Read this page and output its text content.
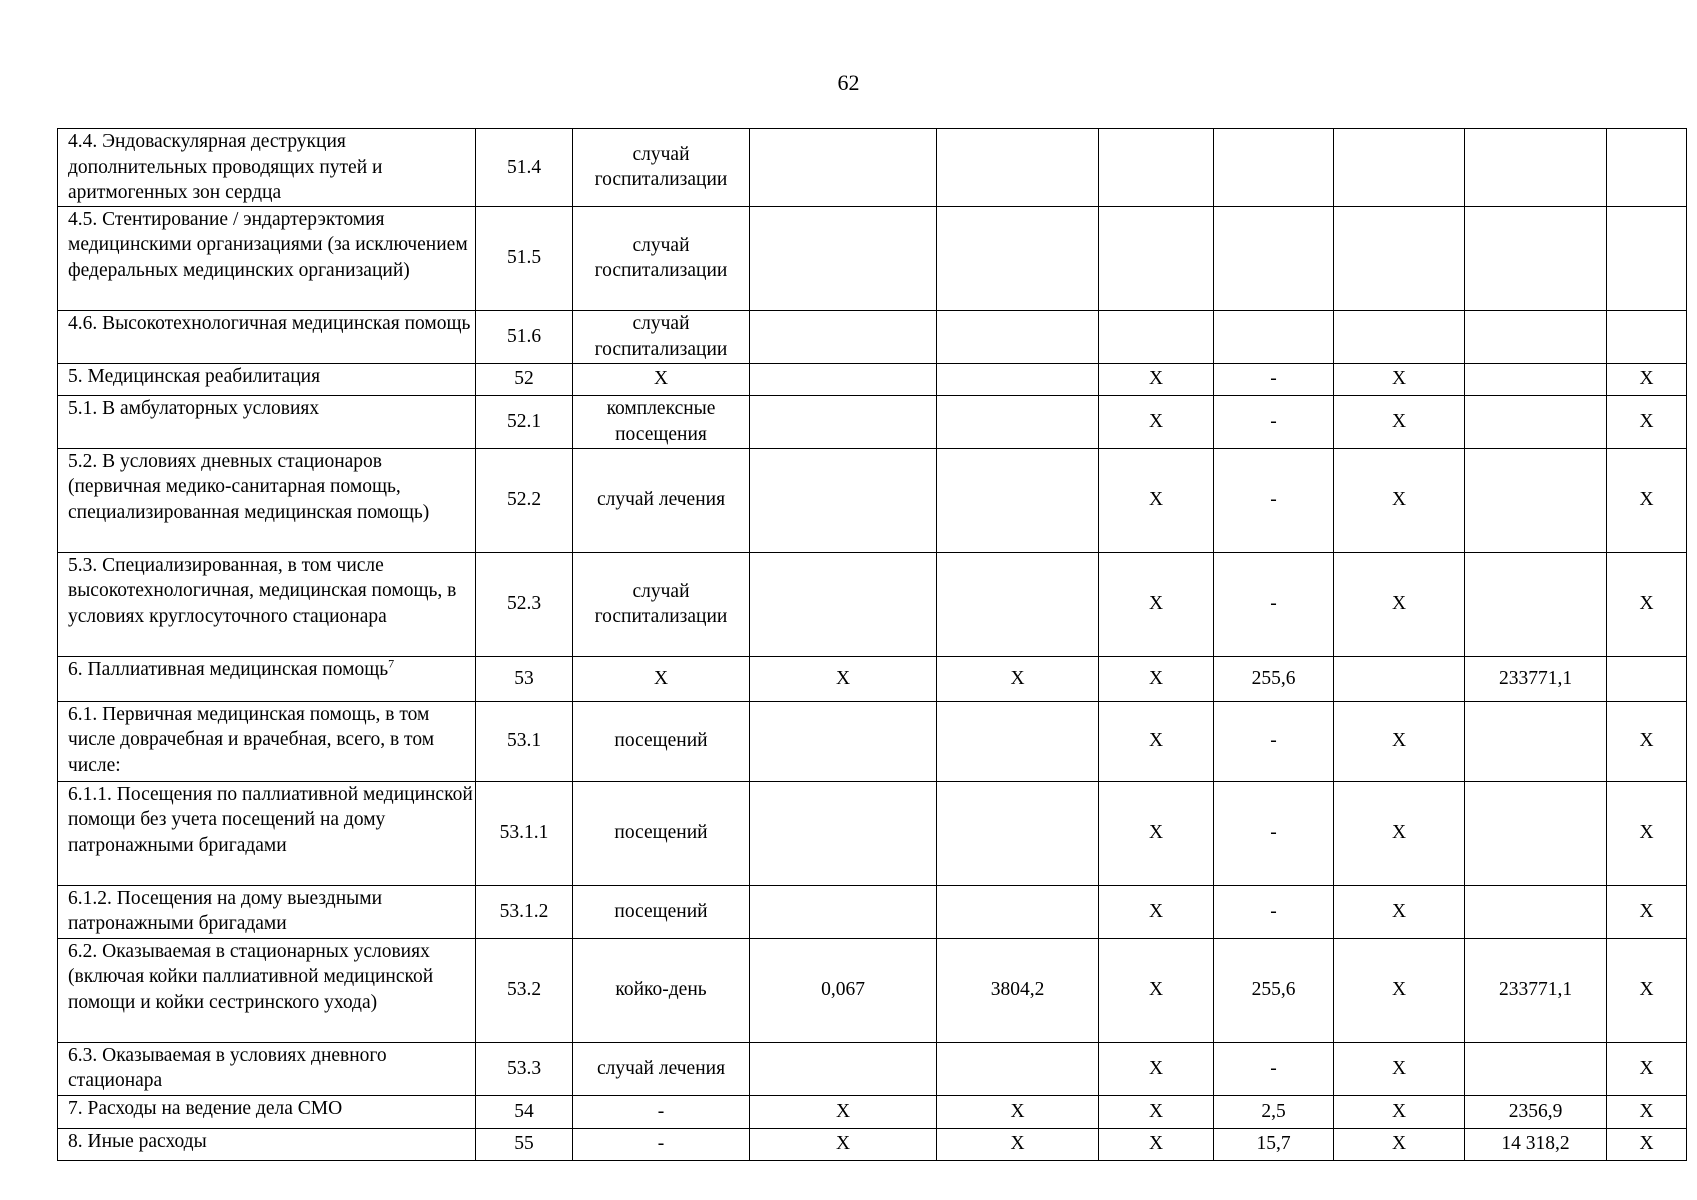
62
4.4. Эндоваскулярная деструкция дополнительных проводящих путей и аритмогенных зон сердца	51.4	случай госпитализации							
4.5. Стентирование / эндартерэктомия медицинскими организациями (за исключением федеральных медицинских организаций)	51.5	случай госпитализации							
4.6. Высокотехнологичная медицинская помощь	51.6	случай госпитализации							
5. Медицинская реабилитация	52	Х			Х	-	Х		Х
5.1. В амбулаторных условиях	52.1	комплексные посещения			Х	-	Х		Х
5.2. В условиях дневных стационаров (первичная медико-санитарная помощь, специализированная медицинская помощь)	52.2	случай лечения			Х	-	Х		Х
5.3. Специализированная, в том числе высокотехнологичная, медицинская помощь, в условиях круглосуточного стационара	52.3	случай госпитализации			Х	-	Х		Х
6. Паллиативная медицинская помощь$^7$	53	Х	Х	Х	Х	255,6		233771,1	
6.1. Первичная медицинская помощь, в том числе доврачебная и врачебная, всего, в том числе:	53.1	посещений			Х	-	Х		Х
6.1.1. Посещения по паллиативной медицинской помощи без учета посещений на дому патронажными бригадами	53.1.1	посещений			Х	-	Х		Х
6.1.2. Посещения на дому выездными патронажными бригадами	53.1.2	посещений			Х	-	Х		Х
6.2. Оказываемая в стационарных условиях (включая койки паллиативной медицинской помощи и койки сестринского ухода)	53.2	койко-день	0,067	3804,2	Х	255,6	Х	233771,1	Х
6.3. Оказываемая в условиях дневного стационара	53.3	случай лечения			Х	-	Х		Х
7. Расходы на ведение дела СМО	54	-	Х	Х	Х	2,5	Х	2356,9	Х
8. Иные расходы	55	-	Х	Х	Х	15,7	Х	14 318,2	Х
